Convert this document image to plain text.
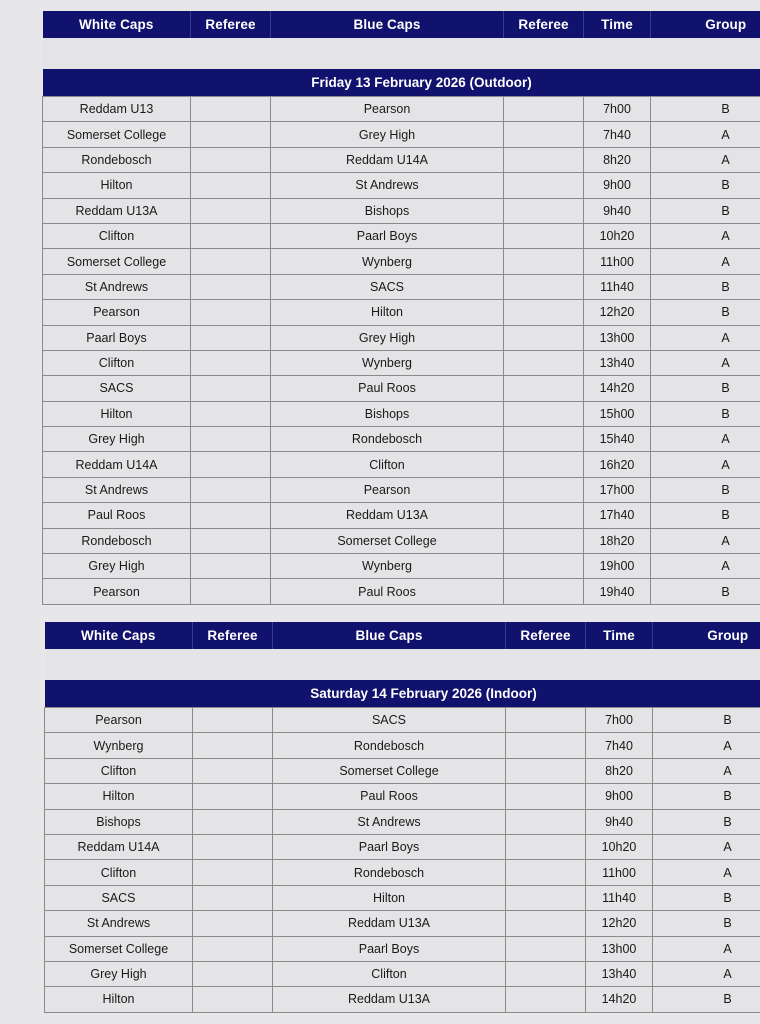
White Caps	Referee	Blue Caps	Referee	Time	Group

Friday 13 February 2026 (Outdoor)					
Reddam U13		Pearson		7h00	B
Somerset College		Grey High		7h40	A
Rondebosch		Reddam U14A		8h20	A
Hilton		St Andrews		9h00	B
Reddam U13A		Bishops		9h40	B
Clifton		Paarl Boys		10h20	A
Somerset College		Wynberg		11h00	A
St Andrews		SACS		11h40	B
Pearson		Hilton		12h20	B
Paarl Boys		Grey High		13h00	A
Clifton		Wynberg		13h40	A
SACS		Paul Roos		14h20	B
Hilton		Bishops		15h00	B
Grey High		Rondebosch		15h40	A
Reddam U14A		Clifton		16h20	A
St Andrews		Pearson		17h00	B
Paul Roos		Reddam U13A		17h40	B
Rondebosch		Somerset College		18h20	A
Grey High		Wynberg		19h00	A
Pearson		Paul Roos		19h40	B
White Caps	Referee	Blue Caps	Referee	Time	Group

Saturday 14 February 2026 (Indoor)					
Pearson		SACS		7h00	B
Wynberg		Rondebosch		7h40	A
Clifton		Somerset College		8h20	A
Hilton		Paul Roos		9h00	B
Bishops		St Andrews		9h40	B
Reddam U14A		Paarl Boys		10h20	A
Clifton		Rondebosch		11h00	A
SACS		Hilton		11h40	B
St Andrews		Reddam U13A		12h20	B
Somerset College		Paarl Boys		13h00	A
Grey High		Clifton		13h40	A
Hilton		Reddam U13A		14h20	B
